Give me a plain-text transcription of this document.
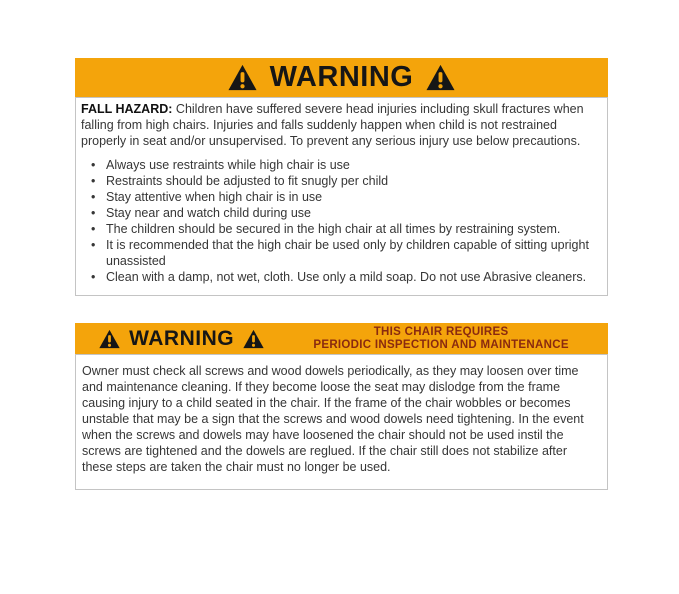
WARNING

FALL HAZARD: Children have suffered severe head injuries including skull fractures when falling from high chairs. Injuries and falls suddenly happen when child is not restrained properly in seat and/or unsupervised. To prevent any serious injury use below precautions.

• Always use restraints while high chair is use
• Restraints should be adjusted to fit snugly per child
• Stay attentive when high chair is in use
• Stay near and watch child during use
• The children should be secured in the high chair at all times by restraining system.
• It is recommended that the high chair be used only by children capable of sitting upright unassisted
• Clean with a damp, not wet, cloth. Use only a mild soap. Do not use Abrasive cleaners.
WARNING	THIS CHAIR REQUIRES
PERIODIC INSPECTION AND MAINTENANCE

Owner must check all screws and wood dowels periodically, as they may loosen over time and maintenance cleaning. If they become loose the seat may dislodge from the frame causing injury to a child seated in the chair. If the frame of the chair wobbles or becomes unstable that may be a sign that the screws and wood dowels need tightening. In the event when the screws and dowels may have loosened the chair should not be used instil the screws are tightened and the dowels are reglued. If the chair still does not stabilize after these steps are taken the chair must no longer be used.
